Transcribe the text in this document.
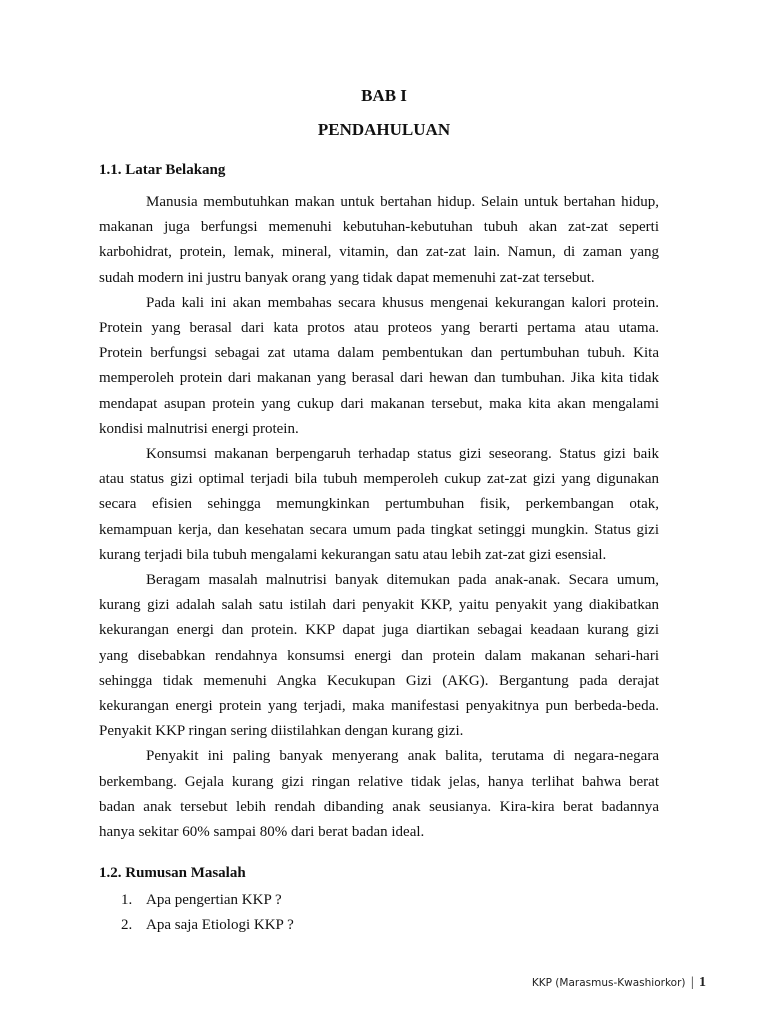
BAB I
PENDAHULUAN
1.1. Latar Belakang

Manusia membutuhkan makan untuk bertahan hidup. Selain untuk bertahan hidup,
makanan juga berfungsi memenuhi kebutuhan-kebutuhan tubuh akan zat-zat seperti
karbohidrat, protein, lemak, mineral, vitamin, dan zat-zat lain. Namun, di zaman yang
sudah modern ini justru banyak orang yang tidak dapat memenuhi zat-zat tersebut.

Pada kali ini akan membahas secara khusus mengenai kekurangan kalori protein.
Protein yang berasal dari kata protos atau proteos yang berarti pertama atau utama.
Protein berfungsi sebagai zat utama dalam pembentukan dan pertumbuhan tubuh. Kita
memperoleh protein dari makanan yang berasal dari hewan dan tumbuhan. Jika kita tidak
mendapat asupan protein yang cukup dari makanan tersebut, maka kita akan mengalami
kondisi malnutrisi energi protein.

Konsumsi makanan berpengaruh terhadap status gizi seseorang. Status gizi baik
atau status gizi optimal terjadi bila tubuh memperoleh cukup zat-zat gizi yang digunakan
secara efisien sehingga memungkinkan pertumbuhan fisik, perkembangan otak,
kemampuan kerja, dan kesehatan secara umum pada tingkat setinggi mungkin. Status gizi
kurang terjadi bila tubuh mengalami kekurangan satu atau lebih zat-zat gizi esensial.

Beragam masalah malnutrisi banyak ditemukan pada anak-anak. Secara umum,
kurang gizi adalah salah satu istilah dari penyakit KKP, yaitu penyakit yang diakibatkan
kekurangan energi dan protein. KKP dapat juga diartikan sebagai keadaan kurang gizi
yang disebabkan rendahnya konsumsi energi dan protein dalam makanan sehari-hari
sehingga tidak memenuhi Angka Kecukupan Gizi (AKG). Bergantung pada derajat
kekurangan energi protein yang terjadi, maka manifestasi penyakitnya pun berbeda-beda.
Penyakit KKP ringan sering diistilahkan dengan kurang gizi.

Penyakit ini paling banyak menyerang anak balita, terutama di negara-negara
berkembang. Gejala kurang gizi ringan relative tidak jelas, hanya terlihat bahwa berat
badan anak tersebut lebih rendah dibanding anak seusianya. Kira-kira berat badannya
hanya sekitar 60% sampai 80% dari berat badan ideal.

1.2. Rumusan Masalah
1. Apa pengertian KKP ?
2. Apa saja Etiologi KKP ?
KKP (Marasmus-Kwashiorkor) | 1
